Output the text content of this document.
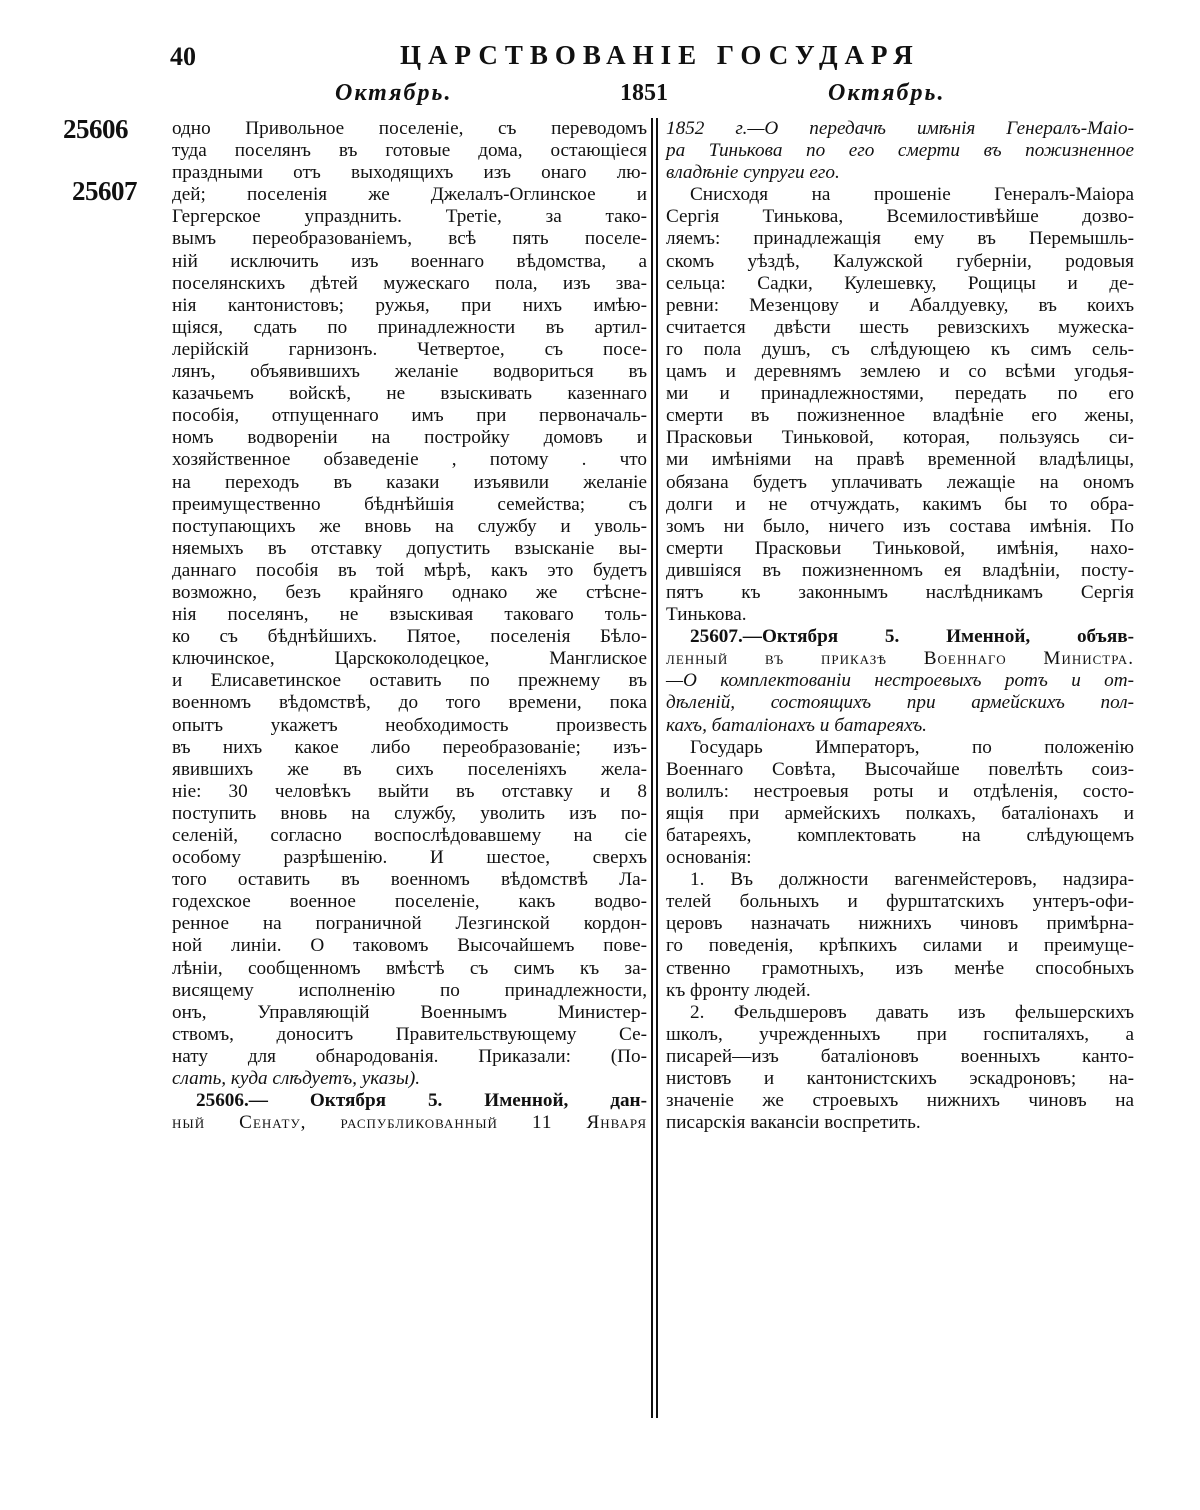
40	ЦАРСТВОВАНІЕ ГОСУДАРЯ
Октябрь.	1851	Октябрь.
25606
25607
одно Привольное поселеніе, съ переводомъ
туда поселянъ въ готовые дома, остающіеся
праздными отъ выходящихъ изъ онаго лю-
дей; поселенія же Джелалъ-Оглинское и
Гергерское упразднить. Третіе, за тако-
вымъ переобразованіемъ, всѣ пять поселе-
ній исключить изъ военнаго вѣдомства, а
поселянскихъ дѣтей мужескаго пола, изъ зва-
нія кантонистовъ; ружья, при нихъ имѣю-
щіяся, сдать по принадлежности въ артил-
лерійскій гарнизонъ. Четвертое, съ посе-
лянъ, объявившихъ желаніе водвориться въ
казачьемъ войскѣ, не взыскивать казеннаго
пособія, отпущеннаго имъ при первоначаль-
номъ водвореніи на постройку домовъ и
хозяйственное обзаведеніе , потому . что
на переходъ въ казаки изъявили желаніе
преимущественно бѣднѣйшія семейства; съ
поступающихъ же вновь на службу и уволь-
няемыхъ въ отставку допустить взысканіе вы-
даннаго пособія въ той мѣрѣ, какъ это будетъ
возможно, безъ крайняго однако же стѣсне-
нія поселянъ, не взыскивая таковаго толь-
ко съ бѣднѣйшихъ. Пятое, поселенія Бѣло-
ключинское, Царскоколодецкое, Манглиское
и Елисаветинское оставить по прежнему въ
военномъ вѣдомствѣ, до того времени, пока
опытъ укажетъ необходимость произвесть
въ нихъ какое либо переобразованіе; изъ-
явившихъ же въ сихъ поселеніяхъ жела-
ніе: 30 человѣкъ выйти въ отставку и 8
поступить вновь на службу, уволить изъ по-
селеній, согласно воспослѣдовавшему на сіе
особому разрѣшенію. И шестое, сверхъ
того оставить въ военномъ вѣдомствѣ Ла-
годехское военное поселеніе, какъ водво-
ренное на пограничной Лезгинской кордон-
ной линіи. О таковомъ Высочайшемъ пове-
лѣніи, сообщенномъ вмѣстѣ съ симъ къ за-
висящему исполненію по принадлежности,
онъ, Управляющій Военнымъ Министер-
ствомъ, доноситъ Правительствующему Се-
нату для обнародованія. Приказали: (По-
слать, куда слѣдуетъ, указы).
25606.— Октября 5. Именной, дан-
ный Сенату, распубликованный 11 Января
1852 г.—О передачѣ имѣнія Генералъ-Maio-
ра Тинькова по его смерти въ пожизненное
владѣніе супруги его.
Снисходя на прошеніе Генералъ-Маіора
Сергія Тинькова, Всемилостивѣйше дозво-
ляемъ: принадлежащія ему въ Перемышль-
скомъ уѣздѣ, Калужской губерніи, родовыя
сельца: Садки, Кулешевку, Рощицы и де-
ревни: Мезенцову и Абалдуевку, въ коихъ
считается двѣсти шесть ревизскихъ мужеска-
го пола душъ, съ слѣдующею къ симъ сель-
цамъ и деревнямъ землею и со всѣми угодья-
ми и принадлежностями, передать по его
смерти въ пожизненное владѣніе его жены,
Прасковьи Тиньковой, которая, пользуясь си-
ми имѣніями на правѣ временной владѣлицы,
обязана будетъ уплачивать лежащіе на ономъ
долги и не отчуждать, какимъ бы то обра-
зомъ ни было, ничего изъ состава имѣнія. По
смерти Прасковьи Тиньковой, имѣнія, нахо-
дившіяся въ пожизненномъ ея владѣніи, посту-
пятъ къ законнымъ наслѣдникамъ Сергія
Тинькова.
25607.—Октября 5. Именной, объяв-
ленный въ приказѣ Военнаго Министра.
—О комплектованіи нестроевыхъ ротъ и от-
дѣленій, состоящихъ при армейскихъ пол-
кахъ, баталіонахъ и батареяхъ.
Государь Императоръ, по положенію
Военнаго Совѣта, Высочайше повелѣть соиз-
волилъ: нестроевыя роты и отдѣленія, состо-
ящія при армейскихъ полкахъ, баталіонахъ и
батареяхъ, комплектовать на слѣдующемъ
основанія:
1. Въ должности вагенмейстеровъ, надзира-
телей больныхъ и фурштатскихъ унтеръ-офи-
церовъ назначать нижнихъ чиновъ примѣрна-
го поведенія, крѣпкихъ силами и преимуще-
ственно грамотныхъ, изъ менѣе способныхъ
къ фронту людей.
2. Фельдшеровъ давать изъ фельшерскихъ
школъ, учрежденныхъ при госпиталяхъ, а
писарей—изъ баталіоновъ военныхъ канто-
нистовъ и кантонистскихъ эскадроновъ; на-
значеніе же строевыхъ нижнихъ чиновъ на
писарскія вакансіи воспретить.
